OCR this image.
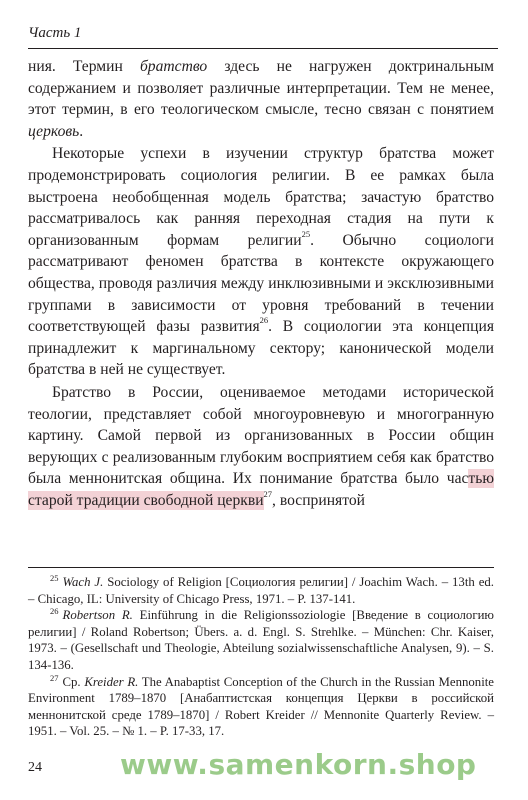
Часть 1

ния. Термин братство здесь не нагружен доктринальным содержанием и позволяет различные интерпретации. Тем не менее, этот термин, в его теологическом смысле, тесно связан с понятием церковь.

Некоторые успехи в изучении структур братства может продемонстрировать социология религии. В ее рамках была выстроена необобщенная модель братства; зачастую братство рассматривалось как ранняя переходная стадия на пути к организованным формам религии$^{25}$. Обычно социологи рассматривают феномен братства в контексте окружающего общества, проводя различия между инклюзивными и эксклюзивными группами в зависимости от уровня требований в течении соответствующей фазы развития$^{26}$. В социологии эта концепция принадлежит к маргинальному сектору; канонической модели братства в ней не существует.

Братство в России, оцениваемое методами исторической теологии, представляет собой многоуровневую и многогранную картину. Самой первой из организованных в России общин верующих с реализованным глубоким восприятием себя как братство была меннонитская община. Их понимание братства было частью старой традиции свободной церкви$^{27}$, воспринятой

$^{25}$ Wach J. Sociology of Religion [Социология религии] / Joachim Wach. – 13th ed. – Chicago, IL: University of Chicago Press, 1971. – P. 137-141.

$^{26}$ Robertson R. Einführung in die Religionssoziologie [Введение в социологию религии] / Roland Robertson; Übers. a. d. Engl. S. Strehlke. – München: Chr. Kaiser, 1973. – (Gesellschaft und Theologie, Abteilung sozialwissenschaftliche Analysen, 9). – S. 134-136.

$^{27}$ Ср. Kreider R. The Anabaptist Conception of the Church in the Russian Mennonite Environment 1789–1870 [Анабаптистская концепция Церкви в российской меннонитской среде 1789–1870] / Robert Kreider // Mennonite Quarterly Review. – 1951. – Vol. 25. – № 1. – P. 17-33, 17.

24	www.samenkorn.shop
